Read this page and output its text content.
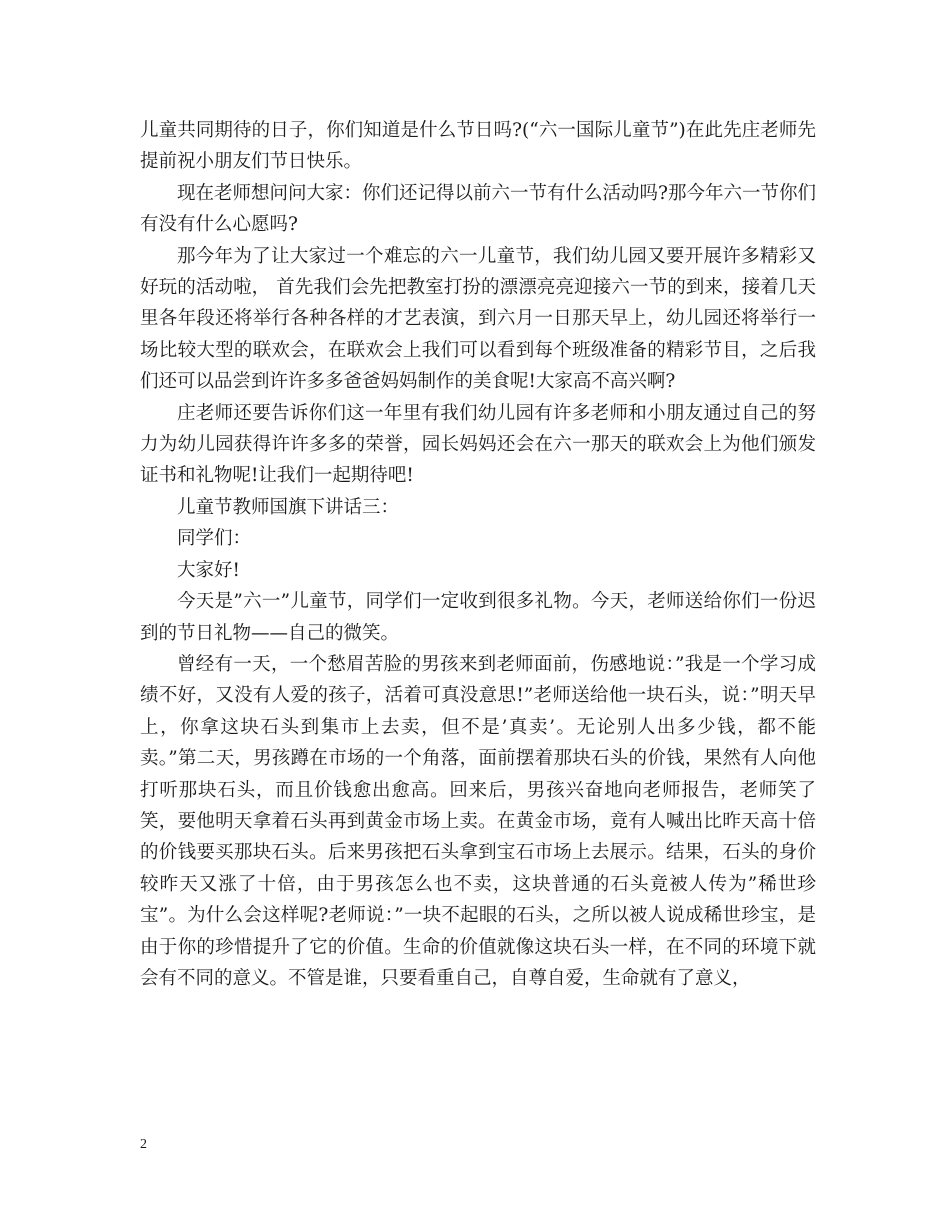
儿童共同期待的日子，你们知道是什么节日吗?(“六一国际儿童节”)在此先庄老师先提前祝小朋友们节日快乐。

现在老师想问问大家：你们还记得以前六一节有什么活动吗?那今年六一节你们有没有什么心愿吗?

那今年为了让大家过一个难忘的六一儿童节，我们幼儿园又要开展许多精彩又好玩的活动啦， 首先我们会先把教室打扮的漂漂亮亮迎接六一节的到来，接着几天里各年段还将举行各种各样的才艺表演，到六月一日那天早上，幼儿园还将举行一场比较大型的联欢会，在联欢会上我们可以看到每个班级准备的精彩节目，之后我们还可以品尝到许许多多爸爸妈妈制作的美食呢!大家高不高兴啊?

庄老师还要告诉你们这一年里有我们幼儿园有许多老师和小朋友通过自己的努力为幼儿园获得许许多多的荣誉，园长妈妈还会在六一那天的联欢会上为他们颁发证书和礼物呢!让我们一起期待吧!

儿童节教师国旗下讲话三：

同学们：

大家好!

今天是”六一”儿童节，同学们一定收到很多礼物。今天，老师送给你们一份迟到的节日礼物——自己的微笑。

曾经有一天，一个愁眉苦脸的男孩来到老师面前，伤感地说：”我是一个学习成绩不好，又没有人爱的孩子，活着可真没意思!”老师送给他一块石头，说：”明天早上，你拿这块石头到集市上去卖，但不是’真卖’。无论别人出多少钱，都不能卖。”第二天，男孩蹲在市场的一个角落，面前摆着那块石头的价钱，果然有人向他打听那块石头，而且价钱愈出愈高。回来后，男孩兴奋地向老师报告，老师笑了笑，要他明天拿着石头再到黄金市场上卖。在黄金市场，竟有人喊出比昨天高十倍的价钱要买那块石头。后来男孩把石头拿到宝石市场上去展示。结果，石头的身价较昨天又涨了十倍，由于男孩怎么也不卖，这块普通的石头竟被人传为”稀世珍宝”。为什么会这样呢?老师说：”一块不起眼的石头，之所以被人说成稀世珍宝，是由于你的珍惜提升了它的价值。生命的价值就像这块石头一样，在不同的环境下就会有不同的意义。不管是谁，只要看重自己，自尊自爱，生命就有了意义，

2
